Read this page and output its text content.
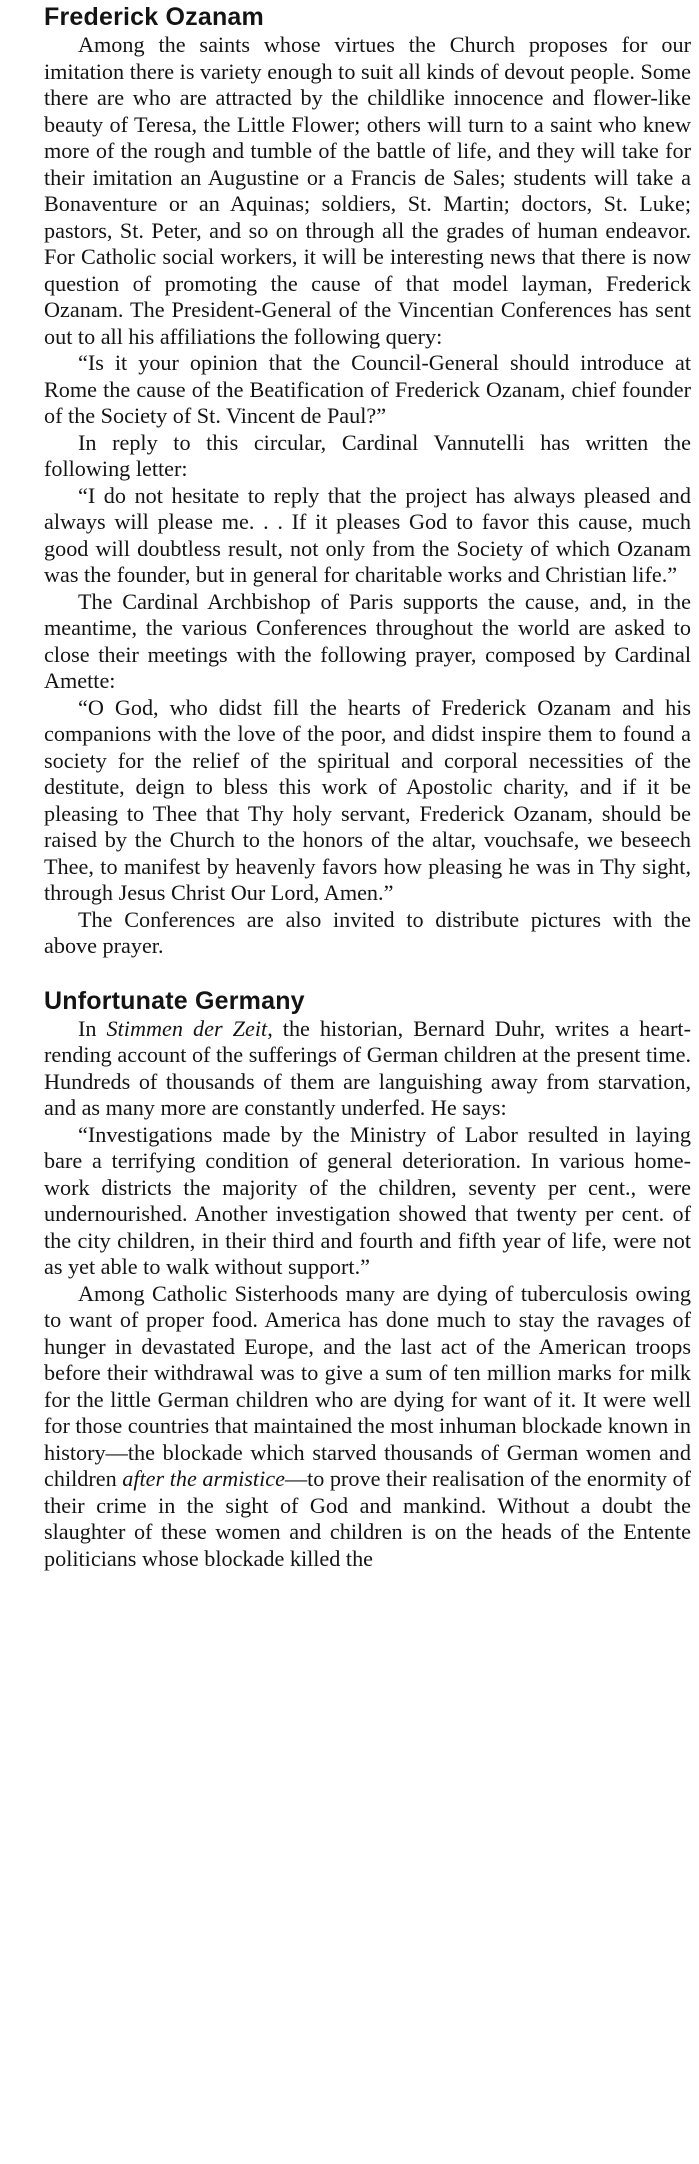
Frederick Ozanam

Among the saints whose virtues the Church proposes for our imitation there is variety enough to suit all kinds of devout people. Some there are who are attracted by the childlike innocence and flower-like beauty of Teresa, the Little Flower; others will turn to a saint who knew more of the rough and tumble of the battle of life, and they will take for their imitation an Augustine or a Francis de Sales; students will take a Bonaventure or an Aquinas; soldiers, St. Martin; doctors, St. Luke; pastors, St. Peter, and so on through all the grades of human endeavor. For Catholic social workers, it will be interesting news that there is now question of promoting the cause of that model layman, Frederick Ozanam. The President-General of the Vincentian Conferences has sent out to all his affiliations the following query:

“Is it your opinion that the Council-General should introduce at Rome the cause of the Beatification of Frederick Ozanam, chief founder of the Society of St. Vincent de Paul?”

In reply to this circular, Cardinal Vannutelli has written the following letter:

“I do not hesitate to reply that the project has always pleased and always will please me. . . If it pleases God to favor this cause, much good will doubtless result, not only from the Society of which Ozanam was the founder, but in general for charitable works and Christian life.”

The Cardinal Archbishop of Paris supports the cause, and, in the meantime, the various Conferences throughout the world are asked to close their meetings with the following prayer, composed by Cardinal Amette:

“O God, who didst fill the hearts of Frederick Ozanam and his companions with the love of the poor, and didst inspire them to found a society for the relief of the spiritual and corporal necessities of the destitute, deign to bless this work of Apostolic charity, and if it be pleasing to Thee that Thy holy servant, Frederick Ozanam, should be raised by the Church to the honors of the altar, vouchsafe, we beseech Thee, to manifest by heavenly favors how pleasing he was in Thy sight, through Jesus Christ Our Lord, Amen.”

The Conferences are also invited to distribute pictures with the above prayer.

Unfortunate Germany

In Stimmen der Zeit, the historian, Bernard Duhr, writes a heart-rending account of the sufferings of German children at the present time. Hundreds of thousands of them are languishing away from starvation, and as many more are constantly underfed. He says:

“Investigations made by the Ministry of Labor resulted in laying bare a terrifying condition of general deterioration. In various home-work districts the majority of the children, seventy per cent., were undernourished. Another investigation showed that twenty per cent. of the city children, in their third and fourth and fifth year of life, were not as yet able to walk without support.”

Among Catholic Sisterhoods many are dying of tuberculosis owing to want of proper food. America has done much to stay the ravages of hunger in devastated Europe, and the last act of the American troops before their withdrawal was to give a sum of ten million marks for milk for the little German children who are dying for want of it. It were well for those countries that maintained the most inhuman blockade known in history—the blockade which starved thousands of German women and children after the armistice—to prove their realisation of the enormity of their crime in the sight of God and mankind. Without a doubt the slaughter of these women and children is on the heads of the Entente politicians whose blockade killed the
